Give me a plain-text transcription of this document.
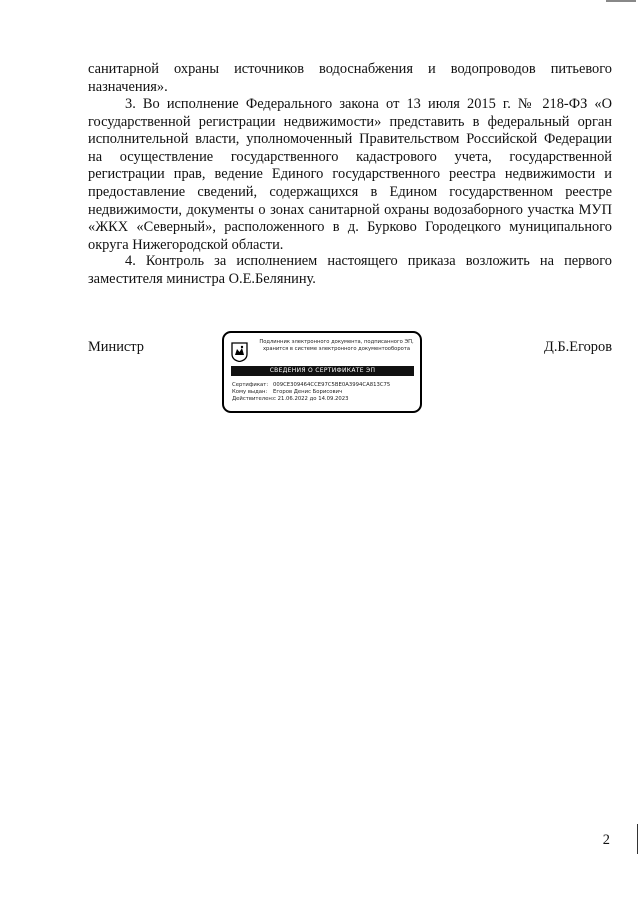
санитарной охраны источников водоснабжения и водопроводов питьевого назначения».

3. Во исполнение Федерального закона от 13 июля 2015 г. № 218-ФЗ «О государственной регистрации недвижимости» представить в федеральный орган исполнительной власти, уполномоченный Правительством Российской Федерации на осуществление государственного кадастрового учета, государственной регистрации прав, ведение Единого государственного реестра недвижимости и предоставление сведений, содержащихся в Едином государственном реестре недвижимости, документы о зонах санитарной охраны водозаборного участка МУП «ЖКХ «Северный», расположенного в д. Бурково Городецкого муниципального округа Нижегородской области.

4. Контроль за исполнением настоящего приказа возложить на первого заместителя министра О.Е.Белянину.

Министр	Подлинник электронного документа, подписанного ЭП, хранится в системе электронного документооборота
СВЕДЕНИЯ О СЕРТИФИКАТЕ ЭП
Сертификат: 009CE309464CCE97C5BE0A3994CA813C75
Кому выдан: Егоров Денис Борисович
Действителен:с 21.06.2022 до 14.09.2023
Д.Б.Егоров
2
